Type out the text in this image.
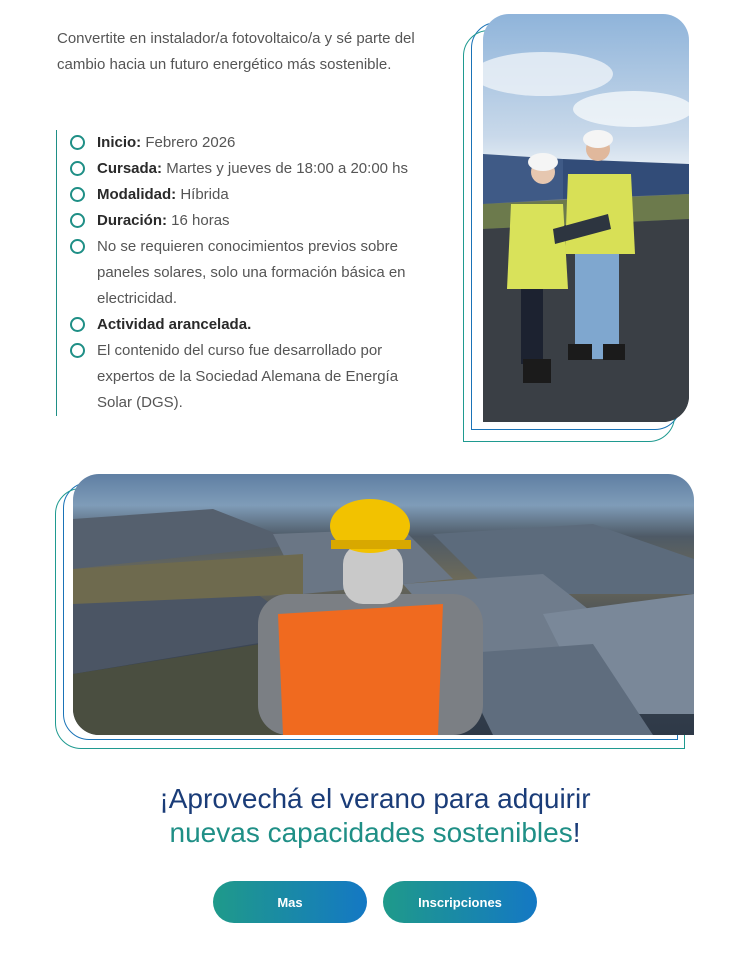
Convertite en instalador/a fotovoltaico/a y sé parte del cambio hacia un futuro energético más sostenible.

Inicio: Febrero 2026
Cursada: Martes y jueves de 18:00 a 20:00 hs
Modalidad: Híbrida
Duración: 16 horas
No se requieren conocimientos previos sobre paneles solares, solo una formación básica en electricidad.
Actividad arancelada.
El contenido del curso fue desarrollado por expertos de la Sociedad Alemana de Energía Solar (DGS).
¡Aprovechá el verano para adquirir
nuevas capacidades sostenibles!
Mas	Inscripciones
